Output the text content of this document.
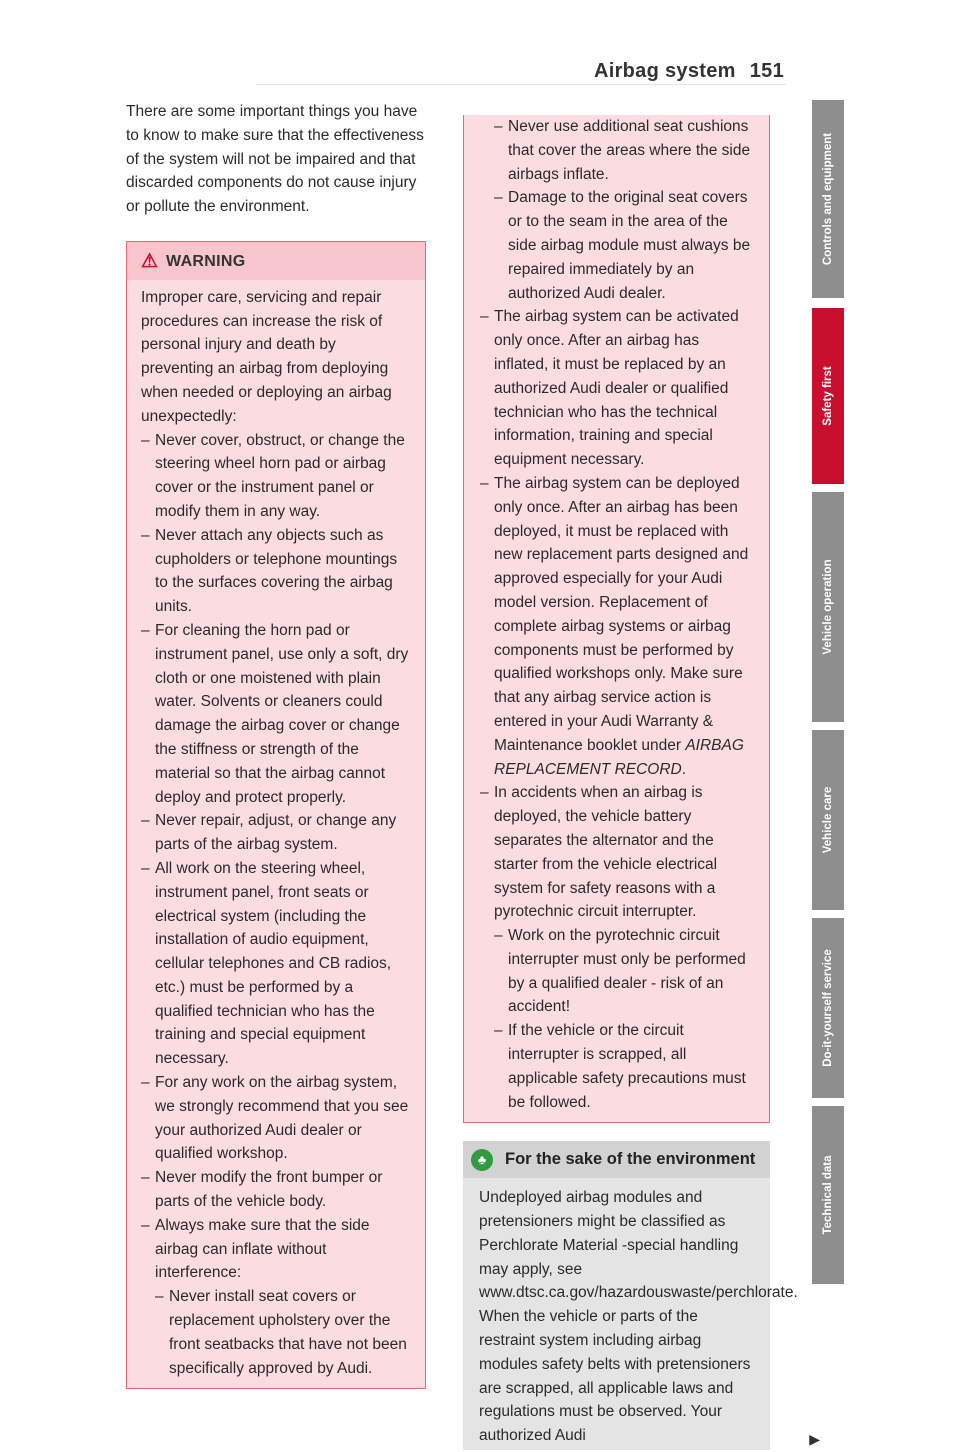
Airbag system 151

There are some important things you have to know to make sure that the effectiveness of the system will not be impaired and that discarded components do not cause injury or pollute the environment.

⚠ WARNING

Improper care, servicing and repair procedures can increase the risk of personal injury and death by preventing an airbag from deploying when needed or deploying an airbag unexpectedly:

– Never cover, obstruct, or change the steering wheel horn pad or airbag cover or the instrument panel or modify them in any way.
– Never attach any objects such as cupholders or telephone mountings to the surfaces covering the airbag units.
– For cleaning the horn pad or instrument panel, use only a soft, dry cloth or one moistened with plain water. Solvents or cleaners could damage the airbag cover or change the stiffness or strength of the material so that the airbag cannot deploy and protect properly.
– Never repair, adjust, or change any parts of the airbag system.
– All work on the steering wheel, instrument panel, front seats or electrical system (including the installation of audio equipment, cellular telephones and CB radios, etc.) must be performed by a qualified technician who has the training and special equipment necessary.
– For any work on the airbag system, we strongly recommend that you see your authorized Audi dealer or qualified workshop.
– Never modify the front bumper or parts of the vehicle body.
– Always make sure that the side airbag can inflate without interference:
– Never install seat covers or replacement upholstery over the front seatbacks that have not been specifically approved by Audi.
– Never use additional seat cushions that cover the areas where the side airbags inflate.
– Damage to the original seat covers or to the seam in the area of the side airbag module must always be repaired immediately by an authorized Audi dealer.
– The airbag system can be activated only once. After an airbag has inflated, it must be replaced by an authorized Audi dealer or qualified technician who has the technical information, training and special equipment necessary.
– The airbag system can be deployed only once. After an airbag has been deployed, it must be replaced with new replacement parts designed and approved especially for your Audi model version. Replacement of complete airbag systems or airbag components must be performed by qualified workshops only. Make sure that any airbag service action is entered in your Audi Warranty & Maintenance booklet under AIRBAG REPLACEMENT RECORD.
– In accidents when an airbag is deployed, the vehicle battery separates the alternator and the starter from the vehicle electrical system for safety reasons with a pyrotechnic circuit interrupter.
– Work on the pyrotechnic circuit interrupter must only be performed by a qualified dealer - risk of an accident!
– If the vehicle or the circuit interrupter is scrapped, all applicable safety precautions must be followed.
♣	For the sake of the environment

Undeployed airbag modules and pretensioners might be classified as Perchlorate Material -special handling may apply, see www.dtsc.ca.gov/hazardouswaste/perchlorate. When the vehicle or parts of the restraint system including airbag modules safety belts with pretensioners are scrapped, all applicable laws and regulations must be observed. Your authorized Audi	▶
Controls and equipment
Safety first
Vehicle operation
Vehicle care
Do-it-yourself service
Technical data
